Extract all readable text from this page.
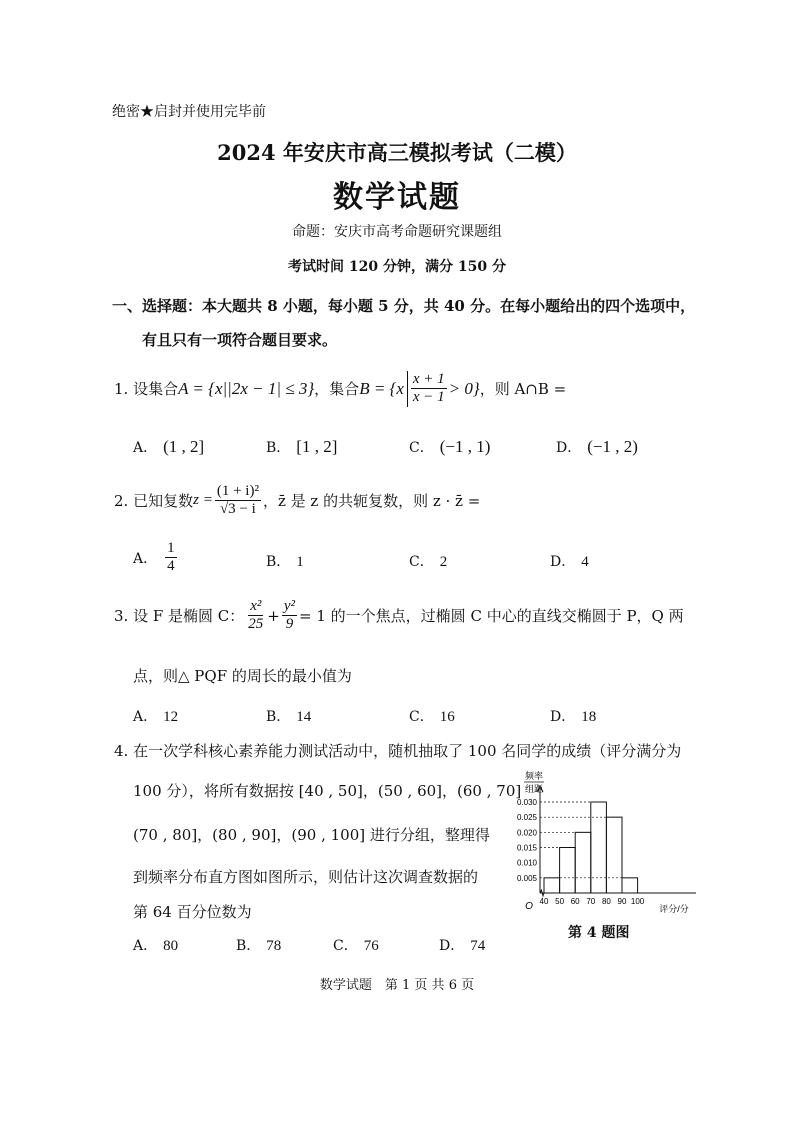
绝密★启封并使用完毕前
2024 年安庆市高三模拟考试（二模）
数学试题
命题：安庆市高考命题研究课题组
考试时间 120 分钟，满分 150 分
一、选择题：本大题共 8 小题，每小题 5 分，共 40 分。在每小题给出的四个选项中，
有且只有一项符合题目要求。
1.
设集合 A = {x||2x − 1| ≤ 3} ，集合 $B = \{x \frac{x + 1}{x - 1} > 0\}$ ，则 A∩B =
A． (1 , 2]	B． [1 , 2]	C． (−1 , 1)	D． (−1 , 2)
2.
已知复数 $z = \frac{\text{(1 + i)²}}{√3 - i}$ ，z̄ 是 z 的共轭复数，则 z · z̄ =
A． $\frac{1}{4}$	B． 1	C． 2	D． 4
3.
设 F 是椭圆 C： $\frac{\text{x²}}{25} + \frac{\text{y²}}{9} = 1$ 的一个焦点，过椭圆 C 中心的直线交椭圆于 P，Q 两
点，则△ PQF 的周长的最小值为
A． 12	B． 14	C． 16	D． 18
4. 在一次学科核心素养能力测试活动中，随机抽取了 100 名同学的成绩（评分满分为
100 分），将所有数据按 [40 , 50]，(50 , 60]，(60 , 70]
(70 , 80]，(80 , 90]，(90 , 100] 进行分组，整理得
到频率分布直方图如图所示，则估计这次调查数据的
第 64 百分位数为
A． 80	B． 78	C． 76	D． 74
频率
组距
0.005
0.010
0.015
0.020
0.025
0.030
40 50 60 70 80 90 100
O	评分/分
第 4 题图
数学试题　第 1 页 共 6 页
